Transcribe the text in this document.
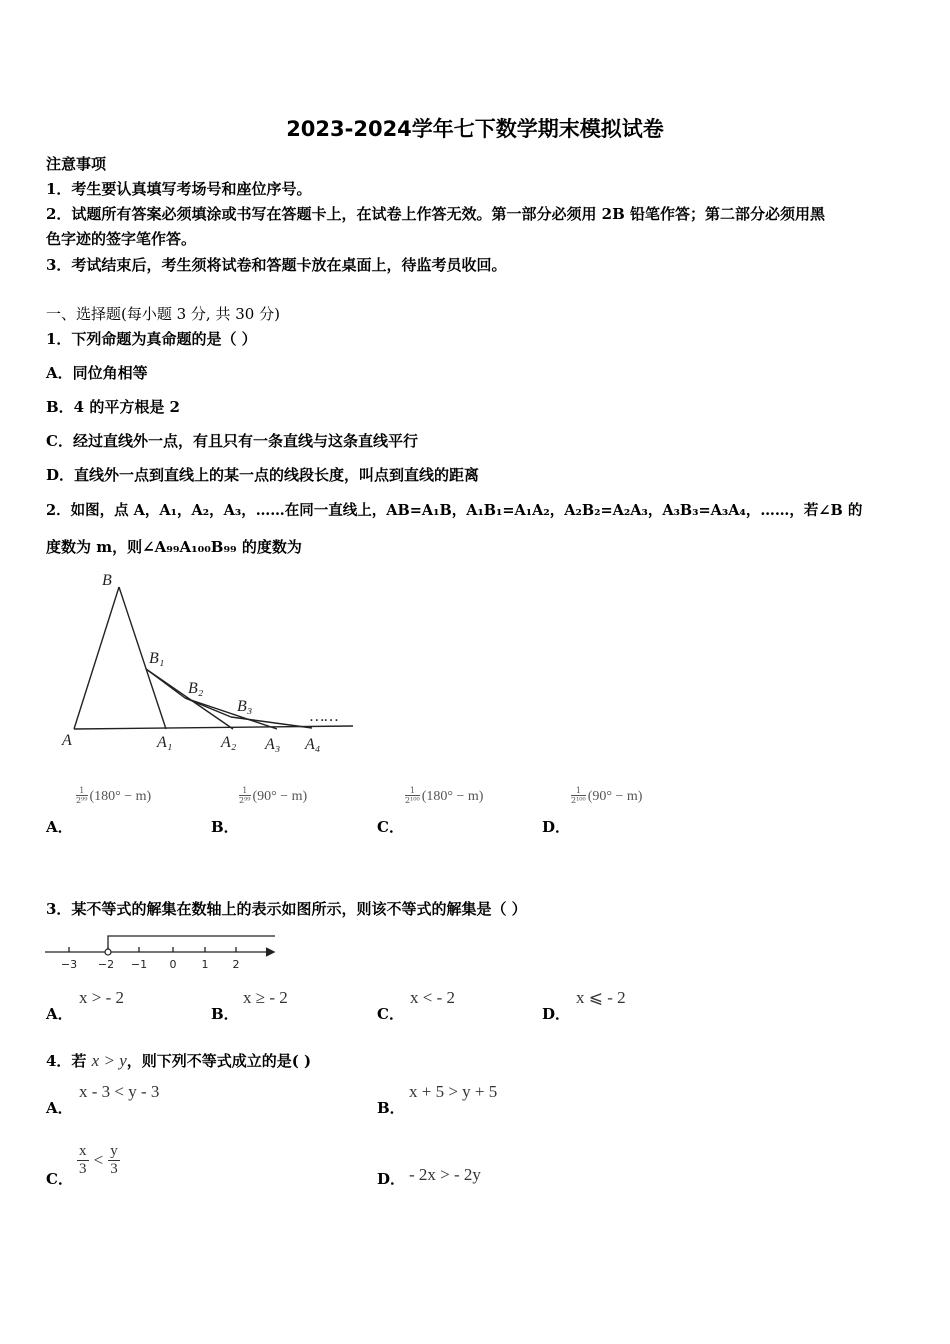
2023-2024学年七下数学期末模拟试卷
注意事项
1．考生要认真填写考场号和座位序号。
2．试题所有答案必须填涂或书写在答题卡上，在试卷上作答无效。第一部分必须用 2B 铅笔作答；第二部分必须用黑
色字迹的签字笔作答。
3．考试结束后，考生须将试卷和答题卡放在桌面上，待监考员收回。
一、选择题(每小题 3 分, 共 30 分)
1．下列命题为真命题的是（ ）
A．同位角相等
B．4 的平方根是 2
C．经过直线外一点，有且只有一条直线与这条直线平行
D．直线外一点到直线上的某一点的线段长度，叫点到直线的距离
2．如图，点 A，A₁，A₂，A₃，……在同一直线上，AB=A₁B，A₁B₁=A₁A₂，A₂B₂=A₂A₃，A₃B₃=A₃A₄，……，若∠B 的
度数为 m，则∠A₉₉A₁₀₀B₉₉ 的度数为
B
B₁
B₂
B₃
……
A	A₁	A₂ A₃ A₄
$\frac{1}{\text{2⁹⁹}} (180^\circ - m)$
A．
$\frac{1}{\text{2⁹⁹}} (90^\circ - m)$
B．
$\frac{1}{\text{2¹⁰⁰}} (180^\circ - m)$
C．
$\frac{1}{\text{2¹⁰⁰}} (90^\circ - m)$
D．
3．某不等式的解集在数轴上的表示如图所示，则该不等式的解集是（ ）
−3 −2 −1 0 1 2
x > - 2
A．
x ≥ - 2
B．
x < - 2
C．
x ⩽ - 2
D．
4．若 x > y，则下列不等式成立的是( )
x - 3 < y - 3
A．
x + 5 > y + 5
B．
$\frac{x}{3} < \frac{y}{3}$
C．	- 2x > - 2y
D．
